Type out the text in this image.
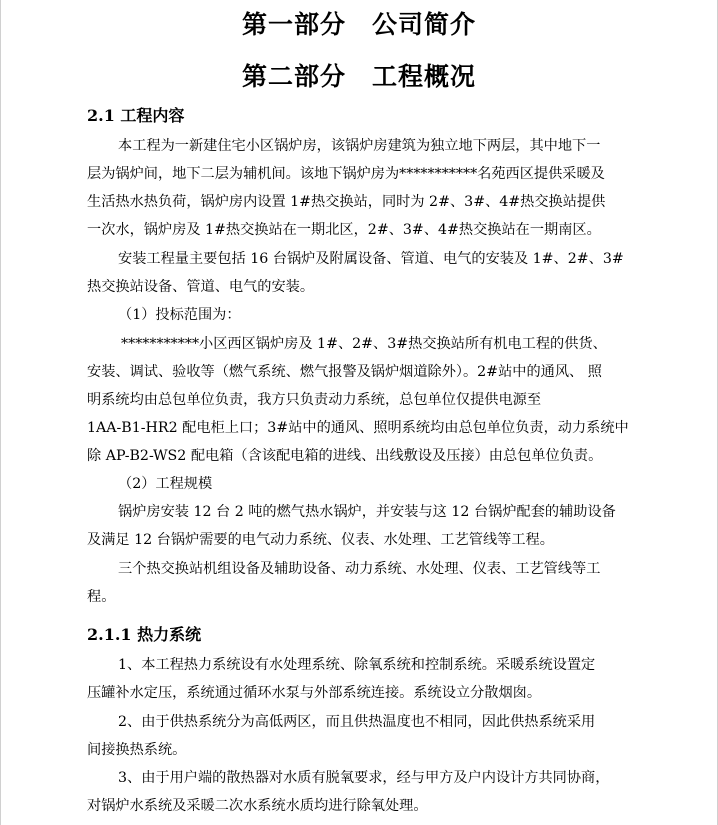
第一部分　公司简介
第二部分　工程概况
2.1 工程内容
本工程为一新建住宅小区锅炉房，该锅炉房建筑为独立地下两层，其中地下一
层为锅炉间，地下二层为辅机间。该地下锅炉房为***********名苑西区提供采暖及
生活热水热负荷，锅炉房内设置 1#热交换站，同时为 2#、3#、4#热交换站提供
一次水，锅炉房及 1#热交换站在一期北区，2#、3#、4#热交换站在一期南区。
安装工程量主要包括 16 台锅炉及附属设备、管道、电气的安装及 1#、2#、3#
热交换站设备、管道、电气的安装。
（1）投标范围为：
***********小区西区锅炉房及 1#、2#、3#热交换站所有机电工程的供货、
安装、调试、验收等（燃气系统、燃气报警及锅炉烟道除外）。2#站中的通风、 照
明系统均由总包单位负责，我方只负责动力系统，总包单位仅提供电源至
1AA-B1-HR2 配电柜上口；3#站中的通风、照明系统均由总包单位负责，动力系统中
除 AP-B2-WS2 配电箱（含该配电箱的进线、出线敷设及压接）由总包单位负责。
（2）工程规模
锅炉房安装 12 台 2 吨的燃气热水锅炉，并安装与这 12 台锅炉配套的辅助设备
及满足 12 台锅炉需要的电气动力系统、仪表、水处理、工艺管线等工程。
三个热交换站机组设备及辅助设备、动力系统、水处理、仪表、工艺管线等工
程。
2.1.1 热力系统
1、本工程热力系统设有水处理系统、除氧系统和控制系统。采暖系统设置定
压罐补水定压，系统通过循环水泵与外部系统连接。系统设立分散烟囱。
2、由于供热系统分为高低两区，而且供热温度也不相同，因此供热系统采用
间接换热系统。
3、由于用户端的散热器对水质有脱氧要求，经与甲方及户内设计方共同协商，
对锅炉水系统及采暖二次水系统水质均进行除氧处理。
